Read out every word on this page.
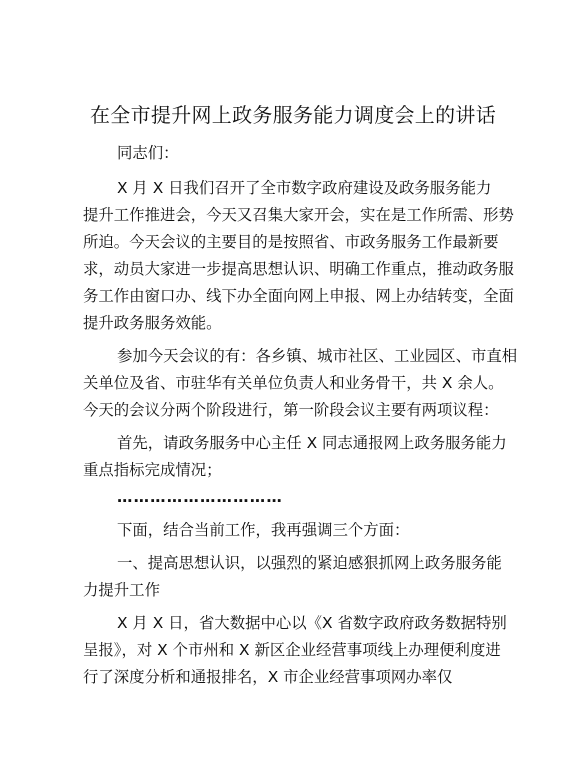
在全市提升网上政务服务能力调度会上的讲话
同志们：
X 月 X 日我们召开了全市数字政府建设及政务服务能力
提升工作推进会，今天又召集大家开会，实在是工作所需、形势
所迫。今天会议的主要目的是按照省、市政务服务工作最新要
求，动员大家进一步提高思想认识、明确工作重点，推动政务服
务工作由窗口办、线下办全面向网上申报、网上办结转变，全面
提升政务服务效能。
参加今天会议的有：各乡镇、城市社区、工业园区、市直相
关单位及省、市驻华有关单位负责人和业务骨干，共 X 余人。
今天的会议分两个阶段进行，第一阶段会议主要有两项议程：
首先，请政务服务中心主任 X 同志通报网上政务服务能力
重点指标完成情况；
…………………………
下面，结合当前工作，我再强调三个方面：
一、提高思想认识，以强烈的紧迫感狠抓网上政务服务能
力提升工作
X 月 X 日，省大数据中心以《X 省数字政府政务数据特别
呈报》，对 X 个市州和 X 新区企业经营事项线上办理便利度进
行了深度分析和通报排名，X 市企业经营事项网办率仅
